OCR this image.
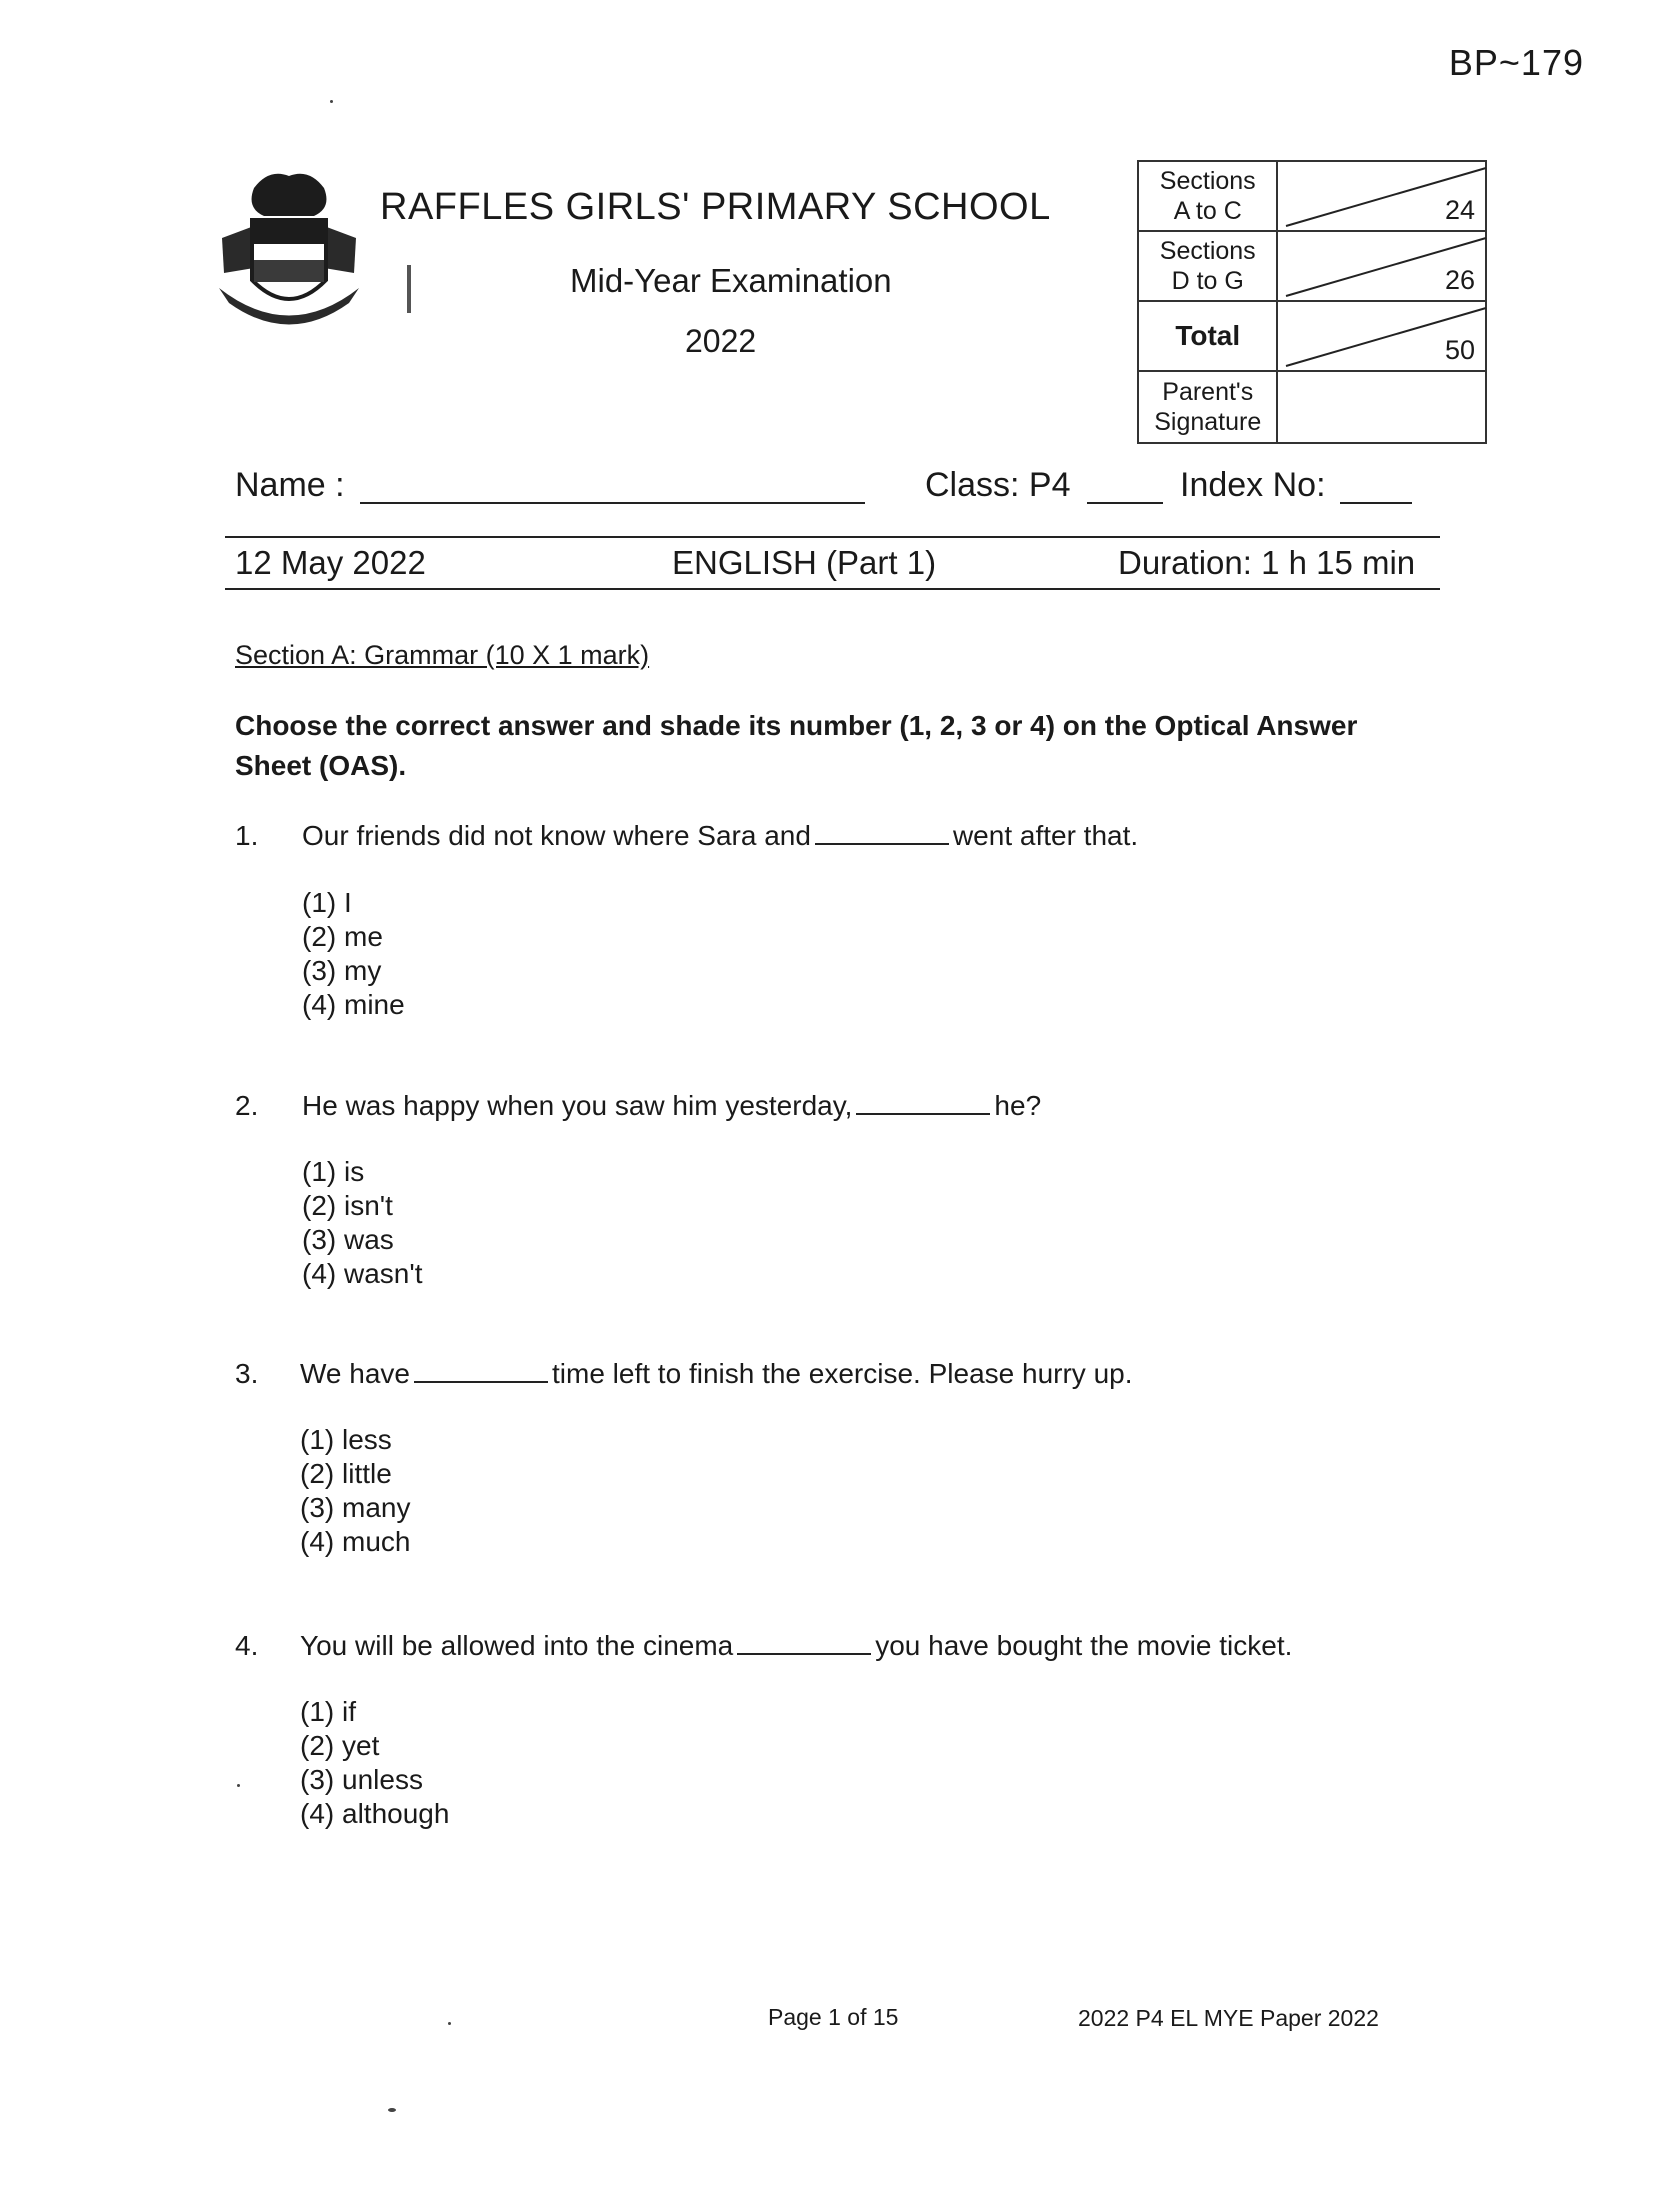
BP~179
RAFFLES GIRLS' PRIMARY SCHOOL
Mid-Year Examination
2022
Sections
A to C	24

Sections
D to G	26

Total	50

Parent's
Signature	

Name :	Class: P4	Index No:
12 May 2022	ENGLISH (Part 1)	Duration: 1 h 15 min
Section A: Grammar (10 X 1 mark)
Choose the correct answer and shade its number (1, 2, 3 or 4) on the Optical Answer Sheet (OAS).
1. Our friends did not know where Sara and	went after that.
(1) I
(2) me
(3) my
(4) mine
2. He was happy when you saw him yesterday,	he?
(1) is
(2) isn't
(3) was
(4) wasn't
3. We have	time left to finish the exercise. Please hurry up.
(1) less
(2) little
(3) many
(4) much
4. You will be allowed into the cinema	you have bought the movie ticket.
(1) if
(2) yet
(3) unless
(4) although
Page 1 of 15	2022 P4 EL MYE Paper 2022
